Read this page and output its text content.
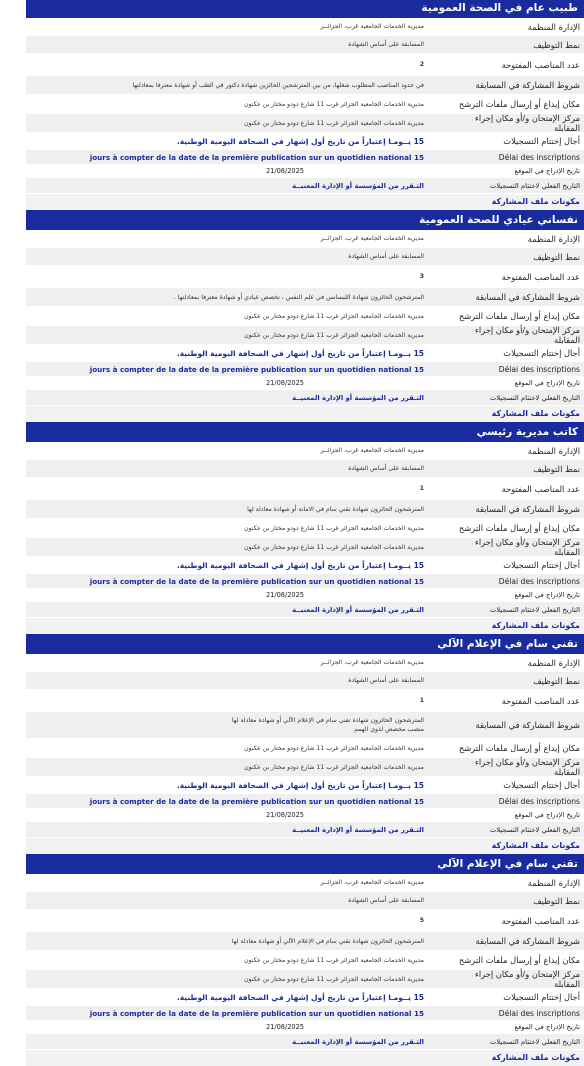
طبيب عام في الصحة العمومية
الإدارة المنظمة
مديرية الخدمات الجامعية غرب. الجزائــر
نمط التوظيف
المسابقة على أساس الشهادة
عدد المناصب المفتوحة
2
شروط المشاركة في المسابقة
في حدود المناصب المطلوب شغلها، من بين المترشحين الحائزين شهادة دكتور في الطب أو شهادة معترفا بمعادلتها
مكان إيداع أو إرسال ملفات الترشح
مديرية الخدمات الجامعية الجزائر غرب 11 شارع دودو مختار بن عكنون
مركز الإمتحان و/أو مكان إجراء المقابلة
مديرية الخدمات الجامعية الجزائر غرب 11 شارع دودو مختار بن عكنون
أجال إختتام التسجيلات
15 يــومـا إعتباراً من تاريخ أول إشهار في الصحافة اليومية الوطنية.
Délai des inscriptions
15 jours à compter de la date de la première publication sur un quotidien national
تاريخ الإدراج في الموقع
21/08/2025
التاريخ الفعلي لاختتام التسجيلات
التـقرر من المؤسسة أو الإدارة المعنيــة
مكونات ملف المشاركة
نفساني عيادي للصحة العمومية
الإدارة المنظمة
مديرية الخدمات الجامعية غرب. الجزائــر
نمط التوظيف
المسابقة على أساس الشهادة
عدد المناصب المفتوحة
3
شروط المشاركة في المسابقة
المترشحون الحائزون شهادة الليسانس في علم النفس ، تخصص عيادي أو شهادة معترفا بمعادلتها .
مكان إيداع أو إرسال ملفات الترشح
مديرية الخدمات الجامعية الجزائر غرب 11 شارع دودو مختار بن عكنون
مركز الإمتحان و/أو مكان إجراء المقابلة
مديرية الخدمات الجامعية الجزائر غرب 11 شارع دودو مختار بن عكنون
أجال إختتام التسجيلات
15 يــومـا إعتباراً من تاريخ أول إشهار في الصحافة اليومية الوطنية.
Délai des inscriptions
15 jours à compter de la date de la première publication sur un quotidien national
تاريخ الإدراج في الموقع
21/08/2025
التاريخ الفعلي لاختتام التسجيلات
التـقرر من المؤسسة أو الإدارة المعنيــة
مكونات ملف المشاركة
كاتب مديرية رئيسي
الإدارة المنظمة
مديرية الخدمات الجامعية غرب. الجزائــر
نمط التوظيف
المسابقة على أساس الشهادة
عدد المناصب المفتوحة
1
شروط المشاركة في المسابقة
المترشحون الحائزون شهادة تقني سام في الامانة أو شهادة معادلة لها
مكان إيداع أو إرسال ملفات الترشح
مديرية الخدمات الجامعية الجزائر غرب 11 شارع دودو مختار بن عكنون
مركز الإمتحان و/أو مكان إجراء المقابلة
مديرية الخدمات الجامعية الجزائر غرب 11 شارع دودو مختار بن عكنون
أجال إختتام التسجيلات
15 يــومـا إعتباراً من تاريخ أول إشهار في الصحافة اليومية الوطنية.
Délai des inscriptions
15 jours à compter de la date de la première publication sur un quotidien national
تاريخ الإدراج في الموقع
21/08/2025
التاريخ الفعلي لاختتام التسجيلات
التـقرر من المؤسسة أو الإدارة المعنيــة
مكونات ملف المشاركة
تقني سام في الإعلام الآلي
الإدارة المنظمة
مديرية الخدمات الجامعية غرب. الجزائــر
نمط التوظيف
المسابقة على أساس الشهادة
عدد المناصب المفتوحة
1
شروط المشاركة في المسابقة
المترشحون الحائزون شهادة تقني سام في الإعلام الآلي أو شهادة معادلة لها
منصب مخصص لذوي الهمم
مكان إيداع أو إرسال ملفات الترشح
مديرية الخدمات الجامعية الجزائر غرب 11 شارع دودو مختار بن عكنون
مركز الإمتحان و/أو مكان إجراء المقابلة
مديرية الخدمات الجامعية الجزائر غرب 11 شارع دودو مختار بن عكنون
أجال إختتام التسجيلات
15 يــومـا إعتباراً من تاريخ أول إشهار في الصحافة اليومية الوطنية.
Délai des inscriptions
15 jours à compter de la date de la première publication sur un quotidien national
تاريخ الإدراج في الموقع
21/08/2025
التاريخ الفعلي لاختتام التسجيلات
التـقرر من المؤسسة أو الإدارة المعنيــة
مكونات ملف المشاركة
تقني سام في الإعلام الآلي
الإدارة المنظمة
مديرية الخدمات الجامعية غرب. الجزائــر
نمط التوظيف
المسابقة على أساس الشهادة
عدد المناصب المفتوحة
5
شروط المشاركة في المسابقة
المترشحون الحائزون شهادة تقني سام في الإعلام الآلي أو شهادة معادلة لها
مكان إيداع أو إرسال ملفات الترشح
مديرية الخدمات الجامعية الجزائر غرب 11 شارع دودو مختار بن عكنون
مركز الإمتحان و/أو مكان إجراء المقابلة
مديرية الخدمات الجامعية الجزائر غرب 11 شارع دودو مختار بن عكنون
أجال إختتام التسجيلات
15 يــومـا إعتباراً من تاريخ أول إشهار في الصحافة اليومية الوطنية.
Délai des inscriptions
15 jours à compter de la date de la première publication sur un quotidien national
تاريخ الإدراج في الموقع
21/08/2025
التاريخ الفعلي لاختتام التسجيلات
التـقرر من المؤسسة أو الإدارة المعنيــة
مكونات ملف المشاركة
